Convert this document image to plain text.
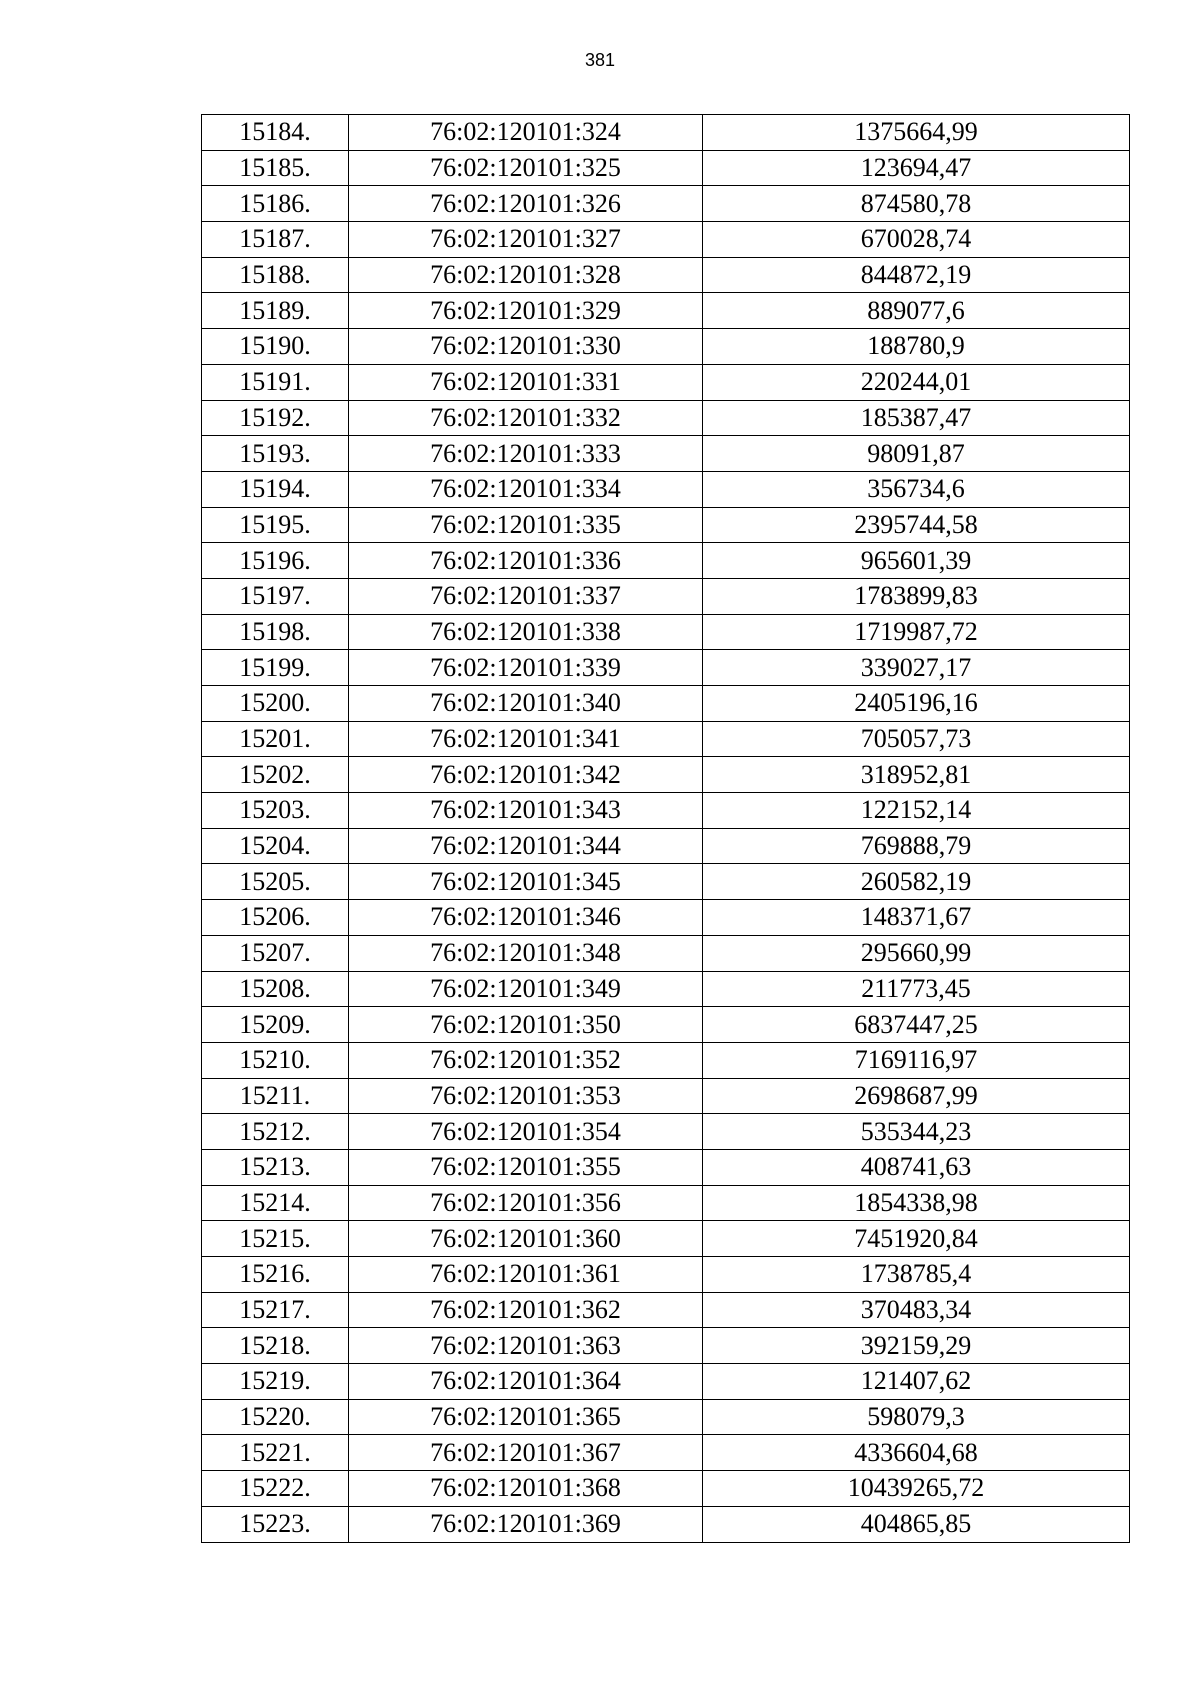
381
15184.	76:02:120101:324	1375664,99
15185.	76:02:120101:325	123694,47
15186.	76:02:120101:326	874580,78
15187.	76:02:120101:327	670028,74
15188.	76:02:120101:328	844872,19
15189.	76:02:120101:329	889077,6
15190.	76:02:120101:330	188780,9
15191.	76:02:120101:331	220244,01
15192.	76:02:120101:332	185387,47
15193.	76:02:120101:333	98091,87
15194.	76:02:120101:334	356734,6
15195.	76:02:120101:335	2395744,58
15196.	76:02:120101:336	965601,39
15197.	76:02:120101:337	1783899,83
15198.	76:02:120101:338	1719987,72
15199.	76:02:120101:339	339027,17
15200.	76:02:120101:340	2405196,16
15201.	76:02:120101:341	705057,73
15202.	76:02:120101:342	318952,81
15203.	76:02:120101:343	122152,14
15204.	76:02:120101:344	769888,79
15205.	76:02:120101:345	260582,19
15206.	76:02:120101:346	148371,67
15207.	76:02:120101:348	295660,99
15208.	76:02:120101:349	211773,45
15209.	76:02:120101:350	6837447,25
15210.	76:02:120101:352	7169116,97
15211.	76:02:120101:353	2698687,99
15212.	76:02:120101:354	535344,23
15213.	76:02:120101:355	408741,63
15214.	76:02:120101:356	1854338,98
15215.	76:02:120101:360	7451920,84
15216.	76:02:120101:361	1738785,4
15217.	76:02:120101:362	370483,34
15218.	76:02:120101:363	392159,29
15219.	76:02:120101:364	121407,62
15220.	76:02:120101:365	598079,3
15221.	76:02:120101:367	4336604,68
15222.	76:02:120101:368	10439265,72
15223.	76:02:120101:369	404865,85
